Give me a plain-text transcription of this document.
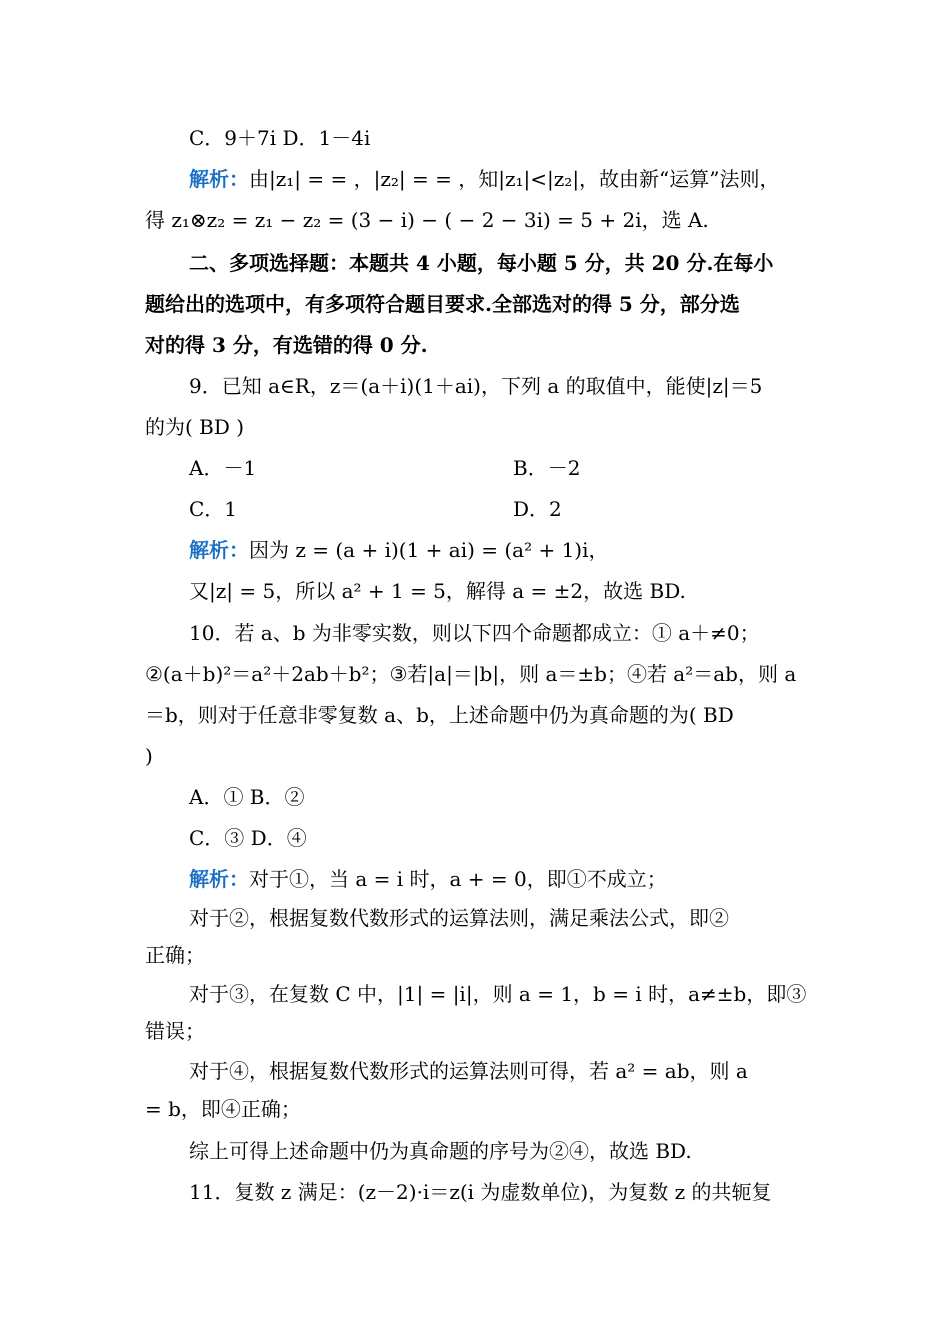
C．9＋7i D．1－4i
解析：由|z₁| = = ，|z₂| = = ，知|z₁|<|z₂|，故由新“运算”法则，
得 z₁⊗z₂ = z₁ − z₂ = (3 − i) − ( − 2 − 3i) = 5 + 2i，选 A.
二、多项选择题：本题共 4 小题，每小题 5 分，共 20 分.在每小
题给出的选项中，有多项符合题目要求.全部选对的得 5 分，部分选
对的得 3 分，有选错的得 0 分.
9．已知 a∈R，z＝(a＋i)(1＋ai)，下列 a 的取值中，能使|z|＝5
的为( BD )
A．－1	B．－2
C．1	D．2
解析：因为 z = (a + i)(1 + ai) = (a² + 1)i，
又|z| = 5，所以 a² + 1 = 5，解得 a = ±2，故选 BD.
10．若 a、b 为非零实数，则以下四个命题都成立：① a＋≠0；
②(a＋b)²＝a²＋2ab＋b²；③若|a|＝|b|，则 a＝±b；④若 a²＝ab，则 a
＝b，则对于任意非零复数 a、b，上述命题中仍为真命题的为( BD
)
A．① B．②
C．③ D．④
解析：对于①，当 a = i 时，a + = 0，即①不成立；
对于②，根据复数代数形式的运算法则，满足乘法公式，即②
正确；
对于③，在复数 C 中，|1| = |i|，则 a = 1，b = i 时，a≠±b，即③
错误；
对于④，根据复数代数形式的运算法则可得，若 a² = ab，则 a
= b，即④正确；
综上可得上述命题中仍为真命题的序号为②④，故选 BD.
11．复数 z 满足：(z－2)·i＝z(i 为虚数单位)，为复数 z 的共轭复
